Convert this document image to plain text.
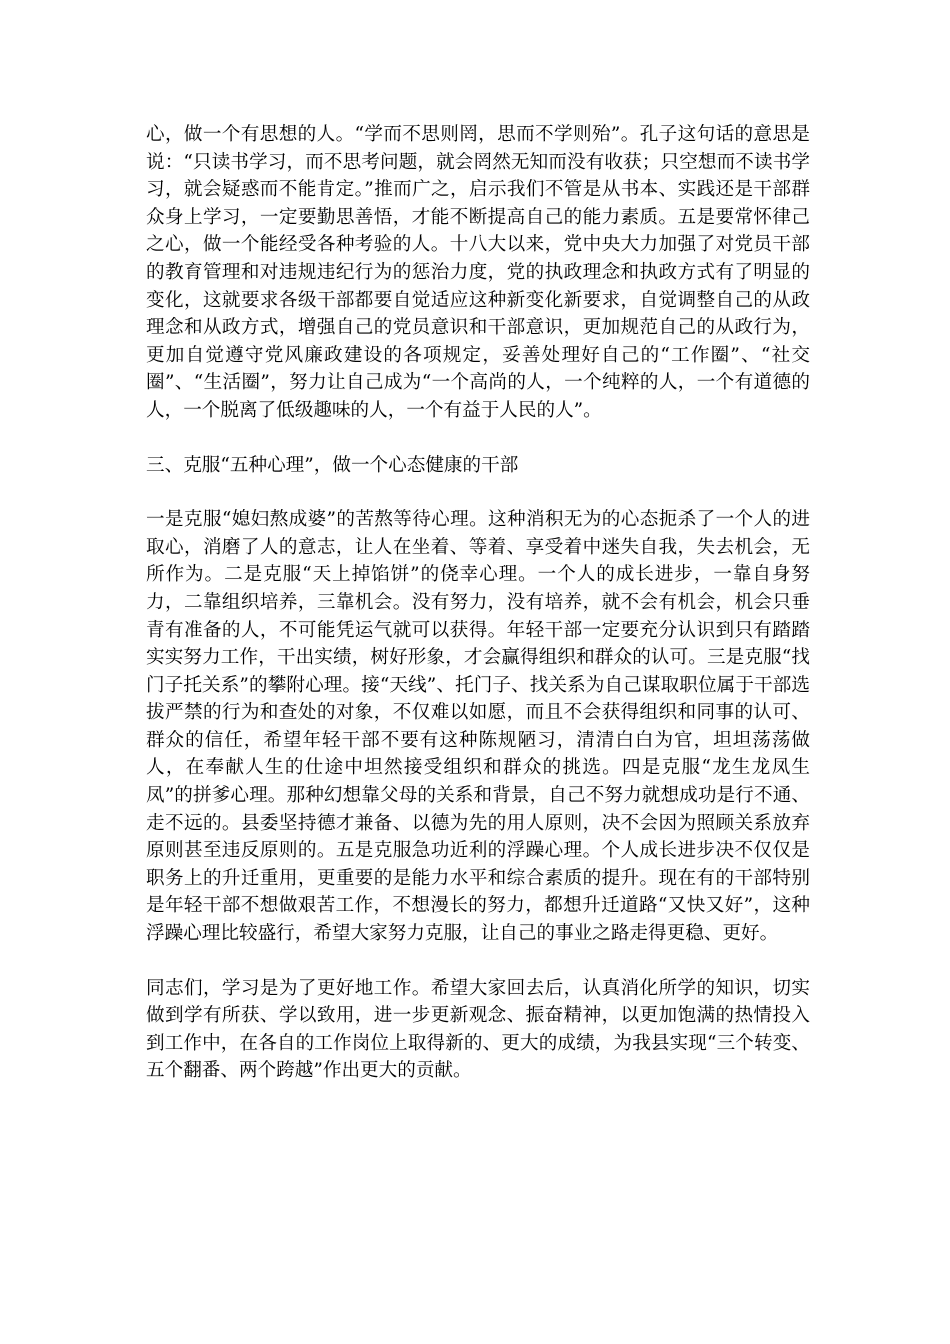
心，做一个有思想的人。“学而不思则罔，思而不学则殆”。孔子这句话的意思是说：“只读书学习，而不思考问题，就会罔然无知而没有收获；只空想而不读书学习，就会疑惑而不能肯定。”推而广之，启示我们不管是从书本、实践还是干部群众身上学习，一定要勤思善悟，才能不断提高自己的能力素质。五是要常怀律己之心，做一个能经受各种考验的人。十八大以来，党中央大力加强了对党员干部的教育管理和对违规违纪行为的惩治力度，党的执政理念和执政方式有了明显的变化，这就要求各级干部都要自觉适应这种新变化新要求，自觉调整自己的从政理念和从政方式，增强自己的党员意识和干部意识，更加规范自己的从政行为，更加自觉遵守党风廉政建设的各项规定，妥善处理好自己的“工作圈”、“社交圈”、“生活圈”，努力让自己成为“一个高尚的人，一个纯粹的人，一个有道德的人，一个脱离了低级趣味的人，一个有益于人民的人”。

三、克服“五种心理”，做一个心态健康的干部

一是克服“媳妇熬成婆”的苦熬等待心理。这种消积无为的心态扼杀了一个人的进取心，消磨了人的意志，让人在坐着、等着、享受着中迷失自我，失去机会，无所作为。二是克服“天上掉馅饼”的侥幸心理。一个人的成长进步，一靠自身努力，二靠组织培养，三靠机会。没有努力，没有培养，就不会有机会，机会只垂青有准备的人，不可能凭运气就可以获得。年轻干部一定要充分认识到只有踏踏实实努力工作，干出实绩，树好形象，才会赢得组织和群众的认可。三是克服“找门子托关系”的攀附心理。接“天线”、托门子、找关系为自己谋取职位属于干部选拔严禁的行为和查处的对象，不仅难以如愿，而且不会获得组织和同事的认可、群众的信任，希望年轻干部不要有这种陈规陋习，清清白白为官，坦坦荡荡做人，在奉献人生的仕途中坦然接受组织和群众的挑选。四是克服“龙生龙凤生凤”的拼爹心理。那种幻想靠父母的关系和背景，自己不努力就想成功是行不通、走不远的。县委坚持德才兼备、以德为先的用人原则，决不会因为照顾关系放弃原则甚至违反原则的。五是克服急功近利的浮躁心理。个人成长进步决不仅仅是职务上的升迁重用，更重要的是能力水平和综合素质的提升。现在有的干部特别是年轻干部不想做艰苦工作，不想漫长的努力，都想升迁道路“又快又好”，这种浮躁心理比较盛行，希望大家努力克服，让自己的事业之路走得更稳、更好。

同志们，学习是为了更好地工作。希望大家回去后，认真消化所学的知识，切实做到学有所获、学以致用，进一步更新观念、振奋精神，以更加饱满的热情投入到工作中，在各自的工作岗位上取得新的、更大的成绩，为我县实现“三个转变、五个翻番、两个跨越”作出更大的贡献。
